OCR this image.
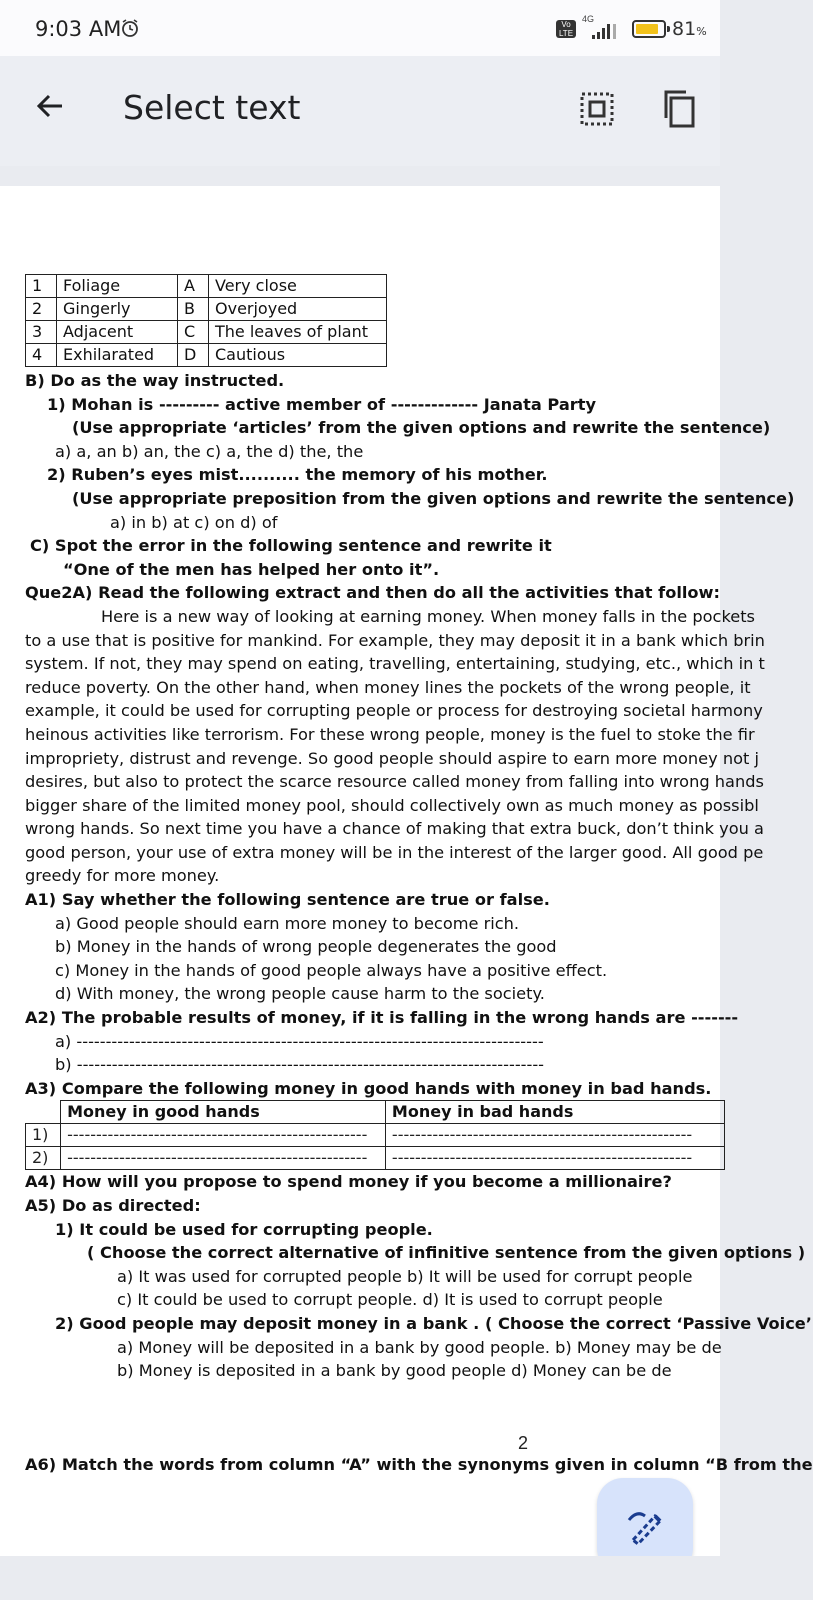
9:03 AM	Vo LTE
4G	81%
Select text
1	Foliage	A	Very close
2	Gingerly	B	Overjoyed
3	Adjacent	C	The leaves of plant
4	Exhilarated	D	Cautious
B) Do as the way instructed.
1) Mohan is --------- active member of ------------- Janata Party
(Use appropriate ‘articles’ from the given options and rewrite the sentence)
a) a, an b) an, the c) a, the d) the, the
2) Ruben’s eyes mist.......... the memory of his mother.
(Use appropriate preposition from the given options and rewrite the sentence)
a) in b) at c) on d) of
C) Spot the error in the following sentence and rewrite it
“One of the men has helped her onto it”.
Que2A) Read the following extract and then do all the activities that follow:
Here is a new way of looking at earning money. When money falls in the pockets
to a use that is positive for mankind. For example, they may deposit it in a bank which brin
system. If not, they may spend on eating, travelling, entertaining, studying, etc., which in t
reduce poverty. On the other hand, when money lines the pockets of the wrong people, it
example, it could be used for corrupting people or process for destroying societal harmony
heinous activities like terrorism. For these wrong people, money is the fuel to stoke the fir
impropriety, distrust and revenge. So good people should aspire to earn more money not j
desires, but also to protect the scarce resource called money from falling into wrong hands
bigger share of the limited money pool, should collectively own as much money as possibl
wrong hands. So next time you have a chance of making that extra buck, don’t think you a
good person, your use of extra money will be in the interest of the larger good. All good pe
greedy for more money.
A1) Say whether the following sentence are true or false.
a) Good people should earn more money to become rich.
b) Money in the hands of wrong people degenerates the good
c) Money in the hands of good people always have a positive effect.
d) With money, the wrong people cause harm to the society.
A2) The probable results of money, if it is falling in the wrong hands are -------
a) --------------------------------------------------------------------------------
b) --------------------------------------------------------------------------------
A3) Compare the following money in good hands with money in bad hands.
	Money in good hands	Money in bad hands
1)	----------------------------------------------------	----------------------------------------------------
2)	----------------------------------------------------	----------------------------------------------------
A4) How will you propose to spend money if you become a millionaire?
A5) Do as directed:
1) It could be used for corrupting people.
( Choose the correct alternative of infinitive sentence from the given options )
a) It was used for corrupted people b) It will be used for corrupt people
c) It could be used to corrupt people. d) It is used to corrupt people
2) Good people may deposit money in a bank . ( Choose the correct ‘Passive Voice’
a) Money will be deposited in a bank by good people. b) Money may be de
b) Money is deposited in a bank by good people d) Money can be de
A6) Match the words from column “A” with the synonyms given in column “B from the
2
